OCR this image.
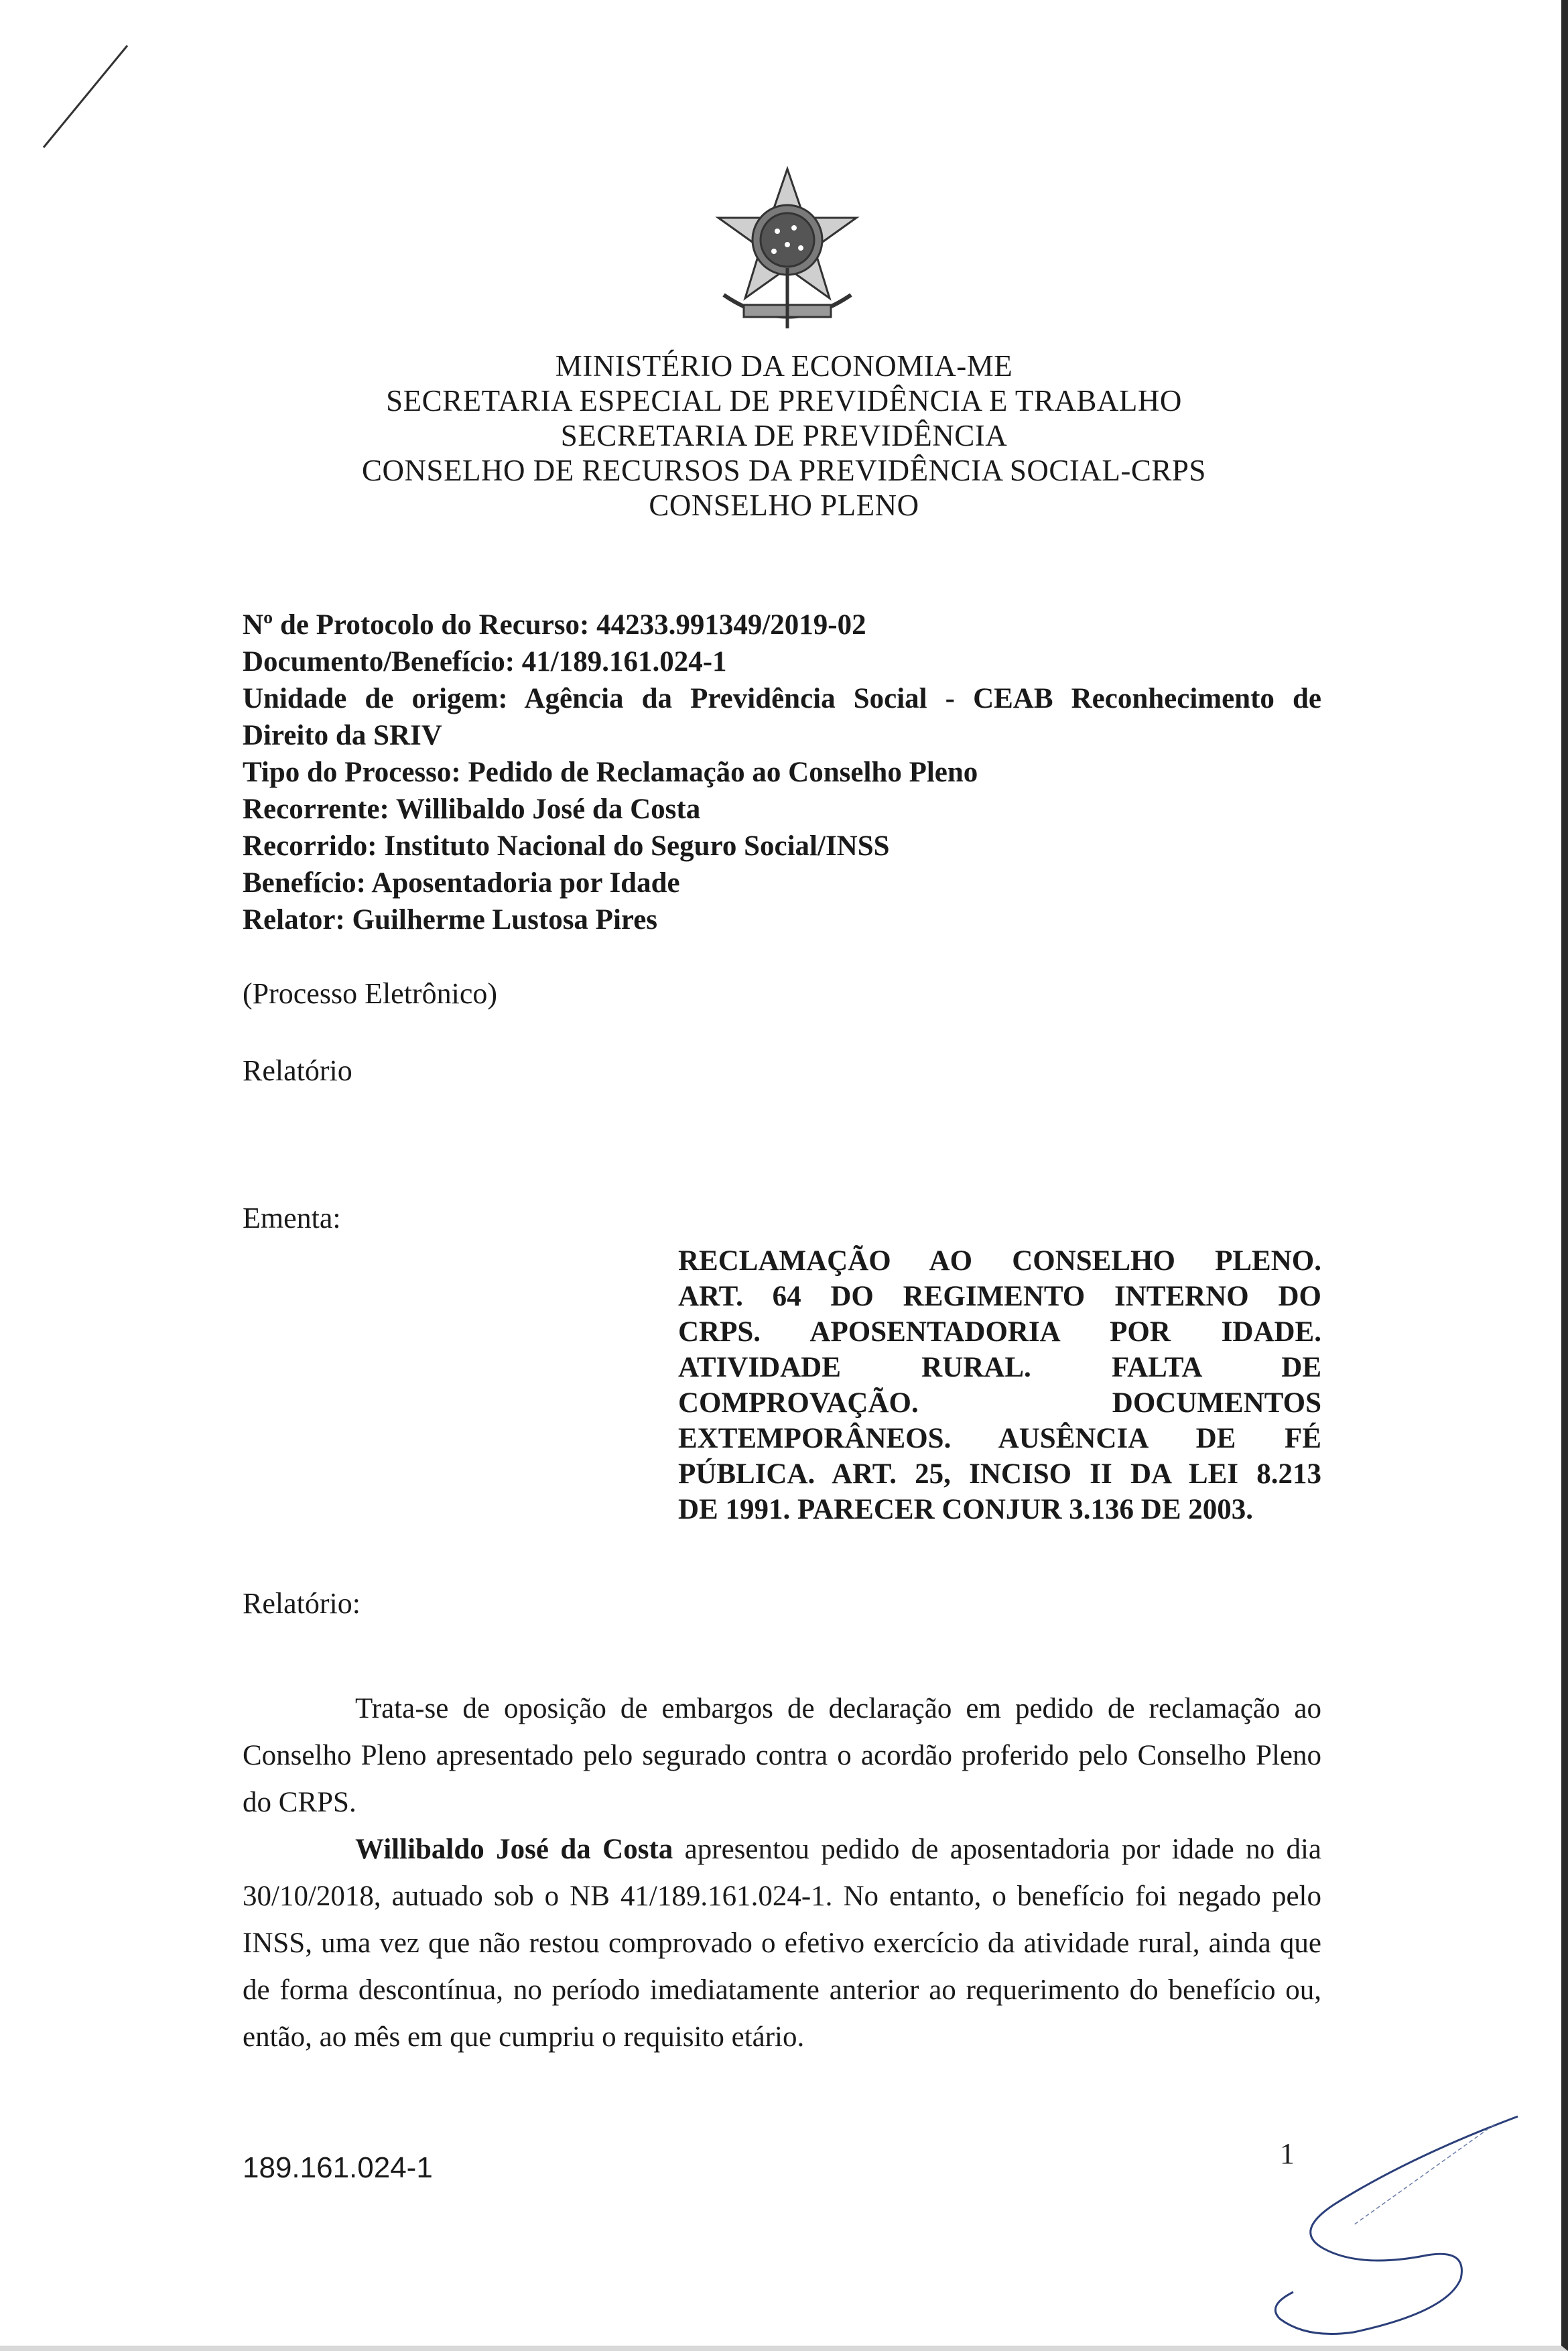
MINISTÉRIO DA ECONOMIA-ME
SECRETARIA ESPECIAL DE PREVIDÊNCIA E TRABALHO
SECRETARIA DE PREVIDÊNCIA
CONSELHO DE RECURSOS DA PREVIDÊNCIA SOCIAL-CRPS
CONSELHO PLENO
Nº de Protocolo do Recurso: 44233.991349/2019-02
Documento/Benefício: 41/189.161.024-1
Unidade de origem: Agência da Previdência Social - CEAB Reconhecimento de
Direito da SRIV
Tipo do Processo: Pedido de Reclamação ao Conselho Pleno
Recorrente: Willibaldo José da Costa
Recorrido: Instituto Nacional do Seguro Social/INSS
Benefício: Aposentadoria por Idade
Relator: Guilherme Lustosa Pires
(Processo Eletrônico)
Relatório
Ementa:
RECLAMAÇÃO AO CONSELHO PLENO.
ART. 64 DO REGIMENTO INTERNO DO
CRPS. APOSENTADORIA POR IDADE.
ATIVIDADE RURAL. FALTA DE
COMPROVAÇÃO. DOCUMENTOS
EXTEMPORÂNEOS. AUSÊNCIA DE FÉ
PÚBLICA. ART. 25, INCISO II DA LEI 8.213
DE 1991. PARECER CONJUR 3.136 DE 2003.
Relatório:

Trata-se de oposição de embargos de declaração em pedido de reclamação ao Conselho Pleno apresentado pelo segurado contra o acordão proferido pelo Conselho Pleno do CRPS.

Willibaldo José da Costa apresentou pedido de aposentadoria por idade no dia 30/10/2018, autuado sob o NB 41/189.161.024-1. No entanto, o benefício foi negado pelo INSS, uma vez que não restou comprovado o efetivo exercício da atividade rural, ainda que de forma descontínua, no período imediatamente anterior ao requerimento do benefício ou, então, ao mês em que cumpriu o requisito etário.

189.161.024-1	1
